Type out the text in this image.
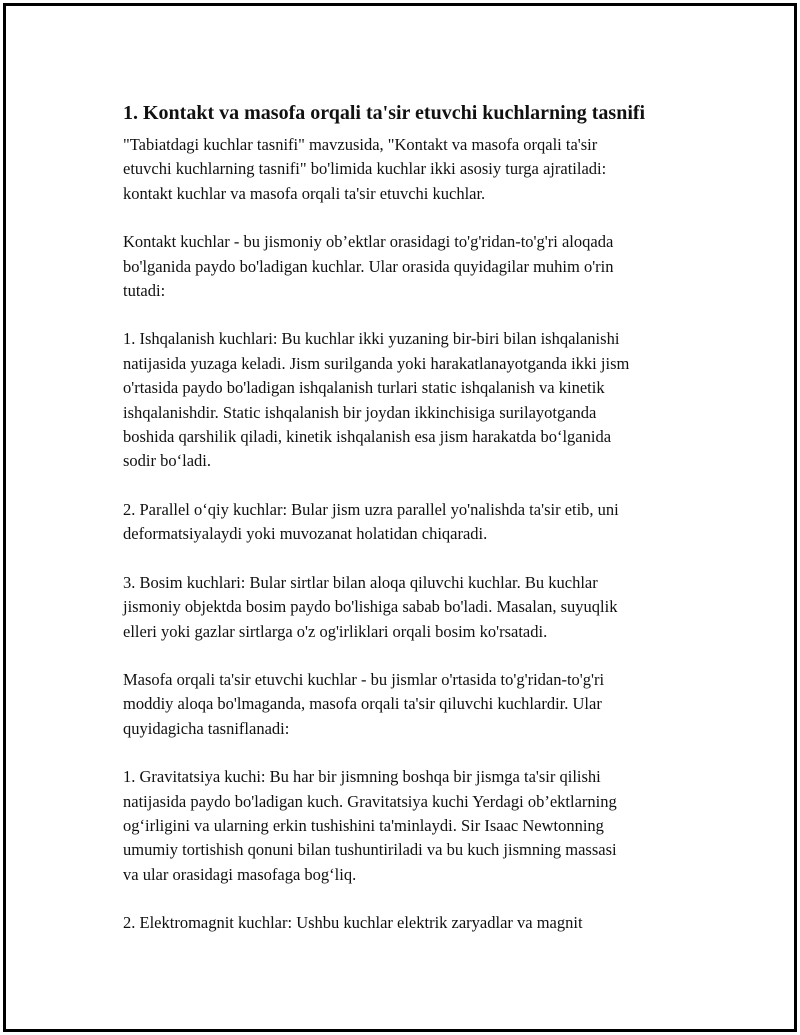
1. Kontakt va masofa orqali ta'sir etuvchi kuchlarning tasnifi

"Tabiatdagi kuchlar tasnifi" mavzusida, "Kontakt va masofa orqali ta'sir
etuvchi kuchlarning tasnifi" bo'limida kuchlar ikki asosiy turga ajratiladi:
kontakt kuchlar va masofa orqali ta'sir etuvchi kuchlar.

Kontakt kuchlar - bu jismoniy ob’ektlar orasidagi to'g'ridan-to'g'ri aloqada
bo'lganida paydo bo'ladigan kuchlar. Ular orasida quyidagilar muhim o'rin
tutadi:

1. Ishqalanish kuchlari: Bu kuchlar ikki yuzaning bir-biri bilan ishqalanishi
natijasida yuzaga keladi. Jism surilganda yoki harakatlanayotganda ikki jism
o'rtasida paydo bo'ladigan ishqalanish turlari static ishqalanish va kinetik
ishqalanishdir. Static ishqalanish bir joydan ikkinchisiga surilayotganda
boshida qarshilik qiladi, kinetik ishqalanish esa jism harakatda bo‘lganida
sodir bo‘ladi.

2. Parallel o‘qiy kuchlar: Bular jism uzra parallel yo'nalishda ta'sir etib, uni
deformatsiyalaydi yoki muvozanat holatidan chiqaradi.

3. Bosim kuchlari: Bular sirtlar bilan aloqa qiluvchi kuchlar. Bu kuchlar
jismoniy objektda bosim paydo bo'lishiga sabab bo'ladi. Masalan, suyuqlik
elleri yoki gazlar sirtlarga o'z og'irliklari orqali bosim ko'rsatadi.

Masofa orqali ta'sir etuvchi kuchlar - bu jismlar o'rtasida to'g'ridan-to'g'ri
moddiy aloqa bo'lmaganda, masofa orqali ta'sir qiluvchi kuchlardir. Ular
quyidagicha tasniflanadi:

1. Gravitatsiya kuchi: Bu har bir jismning boshqa bir jismga ta'sir qilishi
natijasida paydo bo'ladigan kuch. Gravitatsiya kuchi Yerdagi ob’ektlarning
og‘irligini va ularning erkin tushishini ta'minlaydi. Sir Isaac Newtonning
umumiy tortishish qonuni bilan tushuntiriladi va bu kuch jismning massasi
va ular orasidagi masofaga bog‘liq.

2. Elektromagnit kuchlar: Ushbu kuchlar elektrik zaryadlar va magnit
